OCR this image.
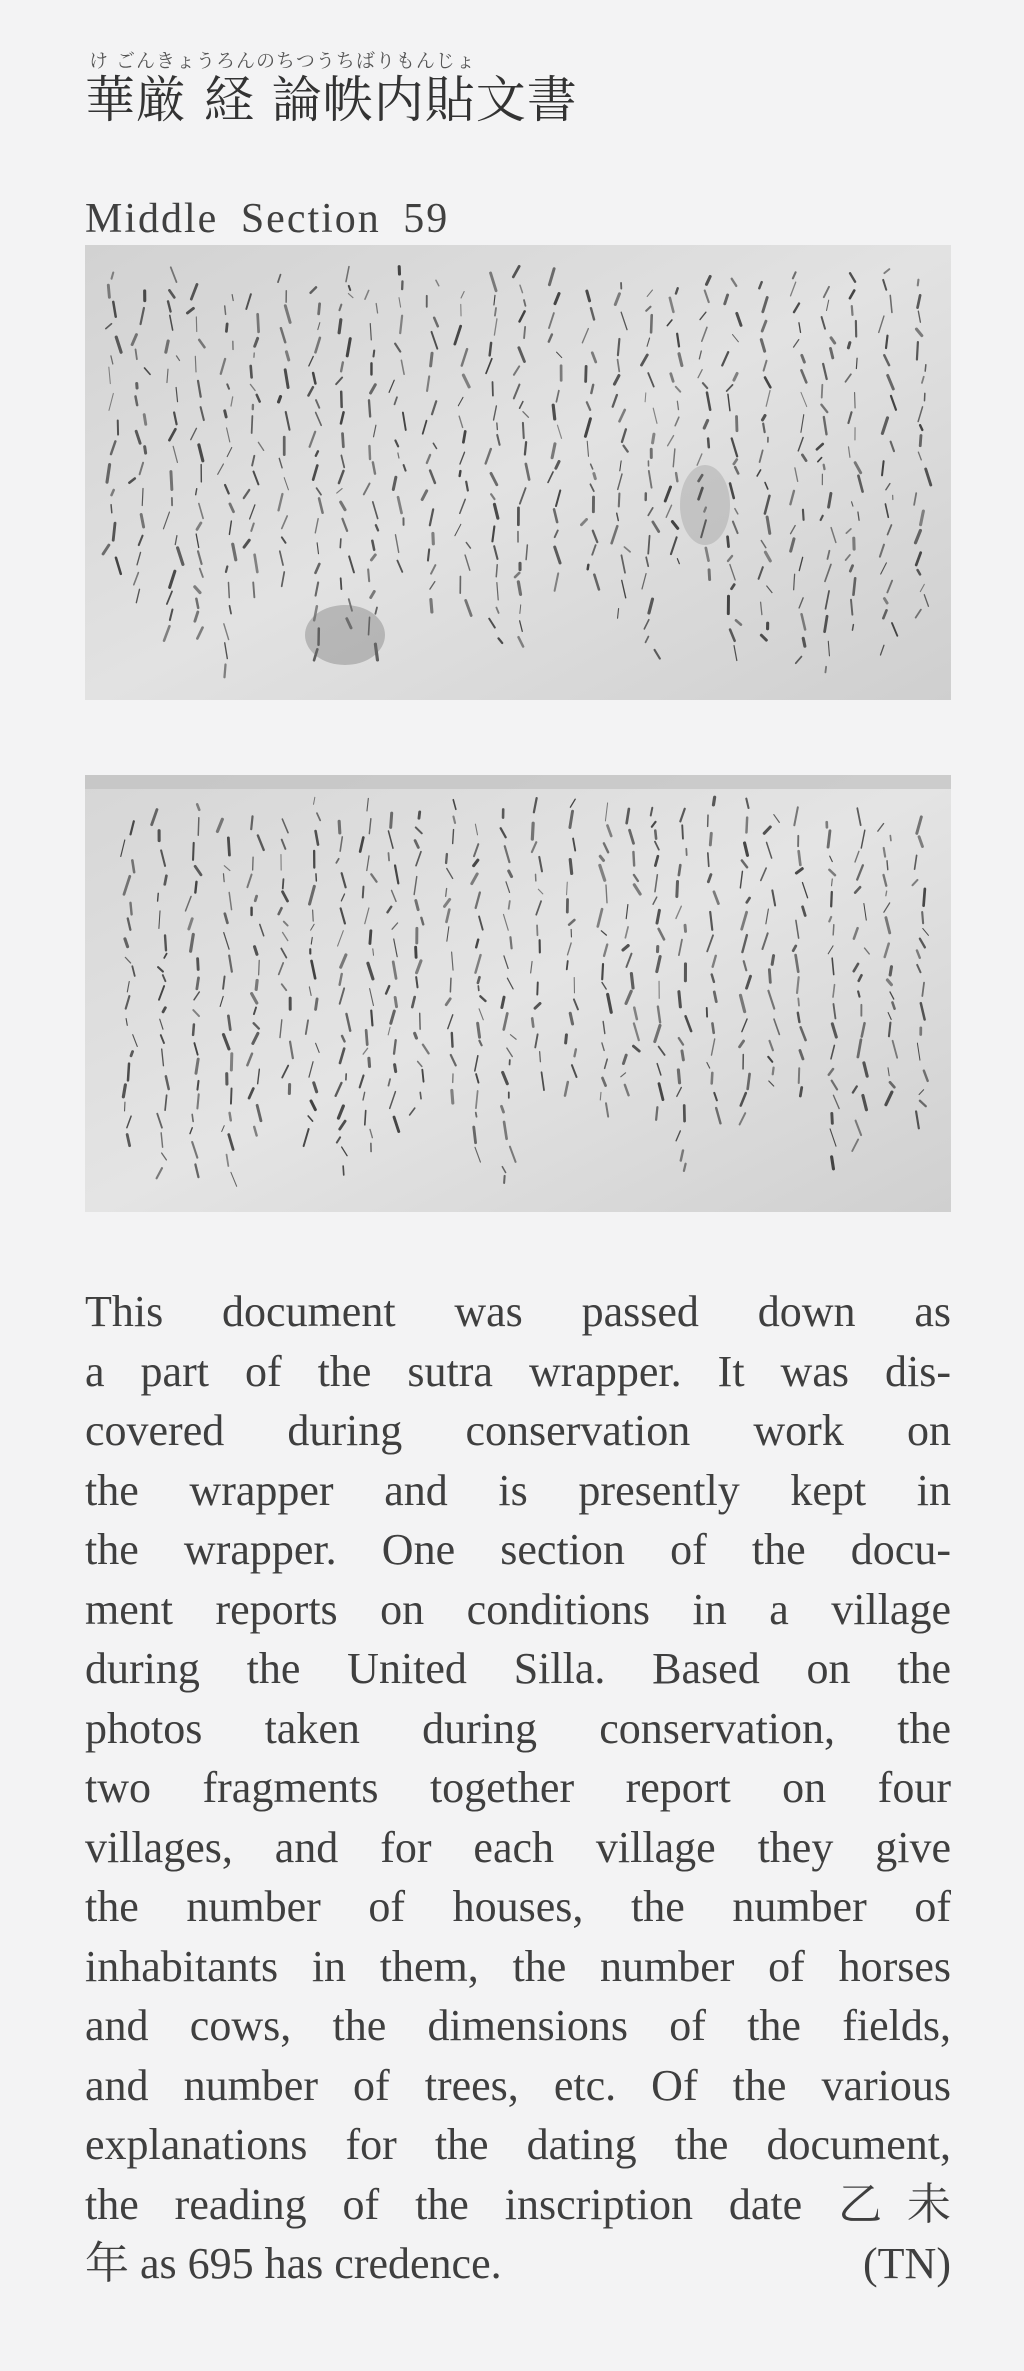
け ごんきょうろんのちつうちばりもんじょ
華厳 経 論帙内貼文書
Middle Section 59
This document was passed down as
a part of the sutra wrapper. It was dis-
covered during conservation work on
the wrapper and is presently kept in
the wrapper. One section of the docu-
ment reports on conditions in a village
during the United Silla. Based on the
photos taken during conservation, the
two fragments together report on four
villages, and for each village they give
the number of houses, the number of
inhabitants in them, the number of horses
and cows, the dimensions of the fields,
and number of trees, etc. Of the various
explanations for the dating the document,
the reading of the inscription date 乙未
年 as 695 has credence.	(TN)
